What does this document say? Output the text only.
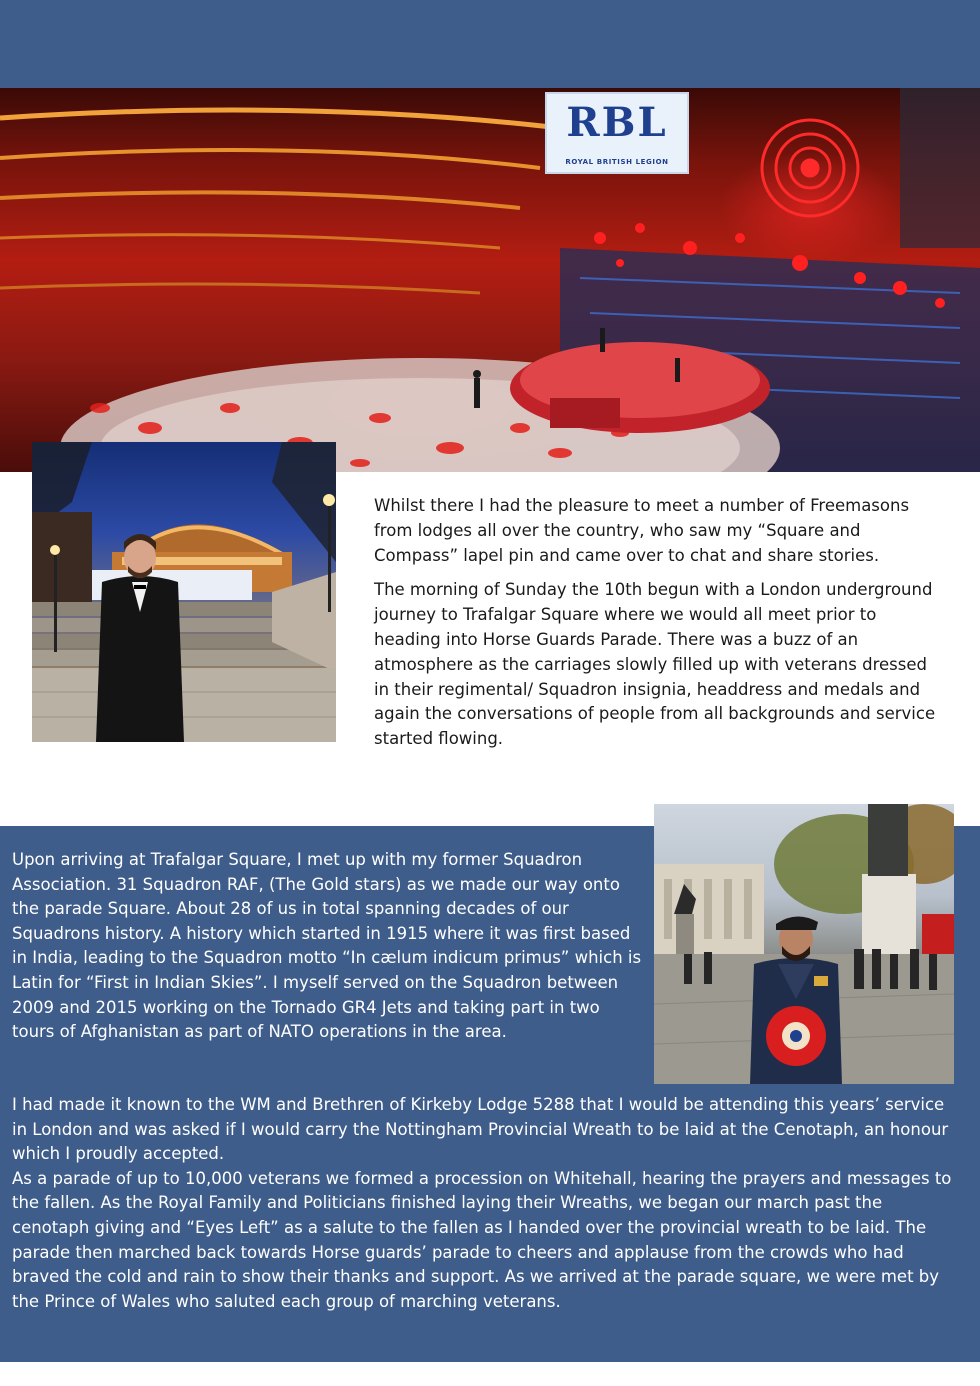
RBL
ROYAL BRITISH LEGION

Whilst there I had the pleasure to meet a number of Freemasons from lodges all over the country, who saw my “Square and Compass” lapel pin and came over to chat and share stories.

The morning of Sunday the 10th begun with a London underground journey to Trafalgar Square where we would all meet prior to heading into Horse Guards Parade. There was a buzz of an atmosphere as the carriages slowly filled up with veterans dressed in their regimental/ Squadron insignia, headdress and medals and again the conversations of people from all backgrounds and service started flowing.

Upon arriving at Trafalgar Square, I met up with my former Squadron Association. 31 Squadron RAF, (The Gold stars) as we made our way onto the parade Square. About 28 of us in total spanning decades of our Squadrons history. A history which started in 1915 where it was first based in India, leading to the Squadron motto “In cælum indicum primus” which is Latin for “First in Indian Skies”. I myself served on the Squadron between 2009 and 2015 working on the Tornado GR4 Jets and taking part in two tours of Afghanistan as part of NATO operations in the area.

I had made it known to the WM and Brethren of Kirkeby Lodge 5288 that I would be attending this years’ service in London and was asked if I would carry the Nottingham Provincial Wreath to be laid at the Cenotaph, an honour which I proudly accepted.
As a parade of up to 10,000 veterans we formed a procession on Whitehall, hearing the prayers and messages to the fallen. As the Royal Family and Politicians finished laying their Wreaths, we began our march past the cenotaph giving and “Eyes Left” as a salute to the fallen as I handed over the provincial wreath to be laid. The parade then marched back towards Horse guards’ parade to cheers and applause from the crowds who had braved the cold and rain to show their thanks and support. As we arrived at the parade square, we were met by the Prince of Wales who saluted each group of marching veterans.
